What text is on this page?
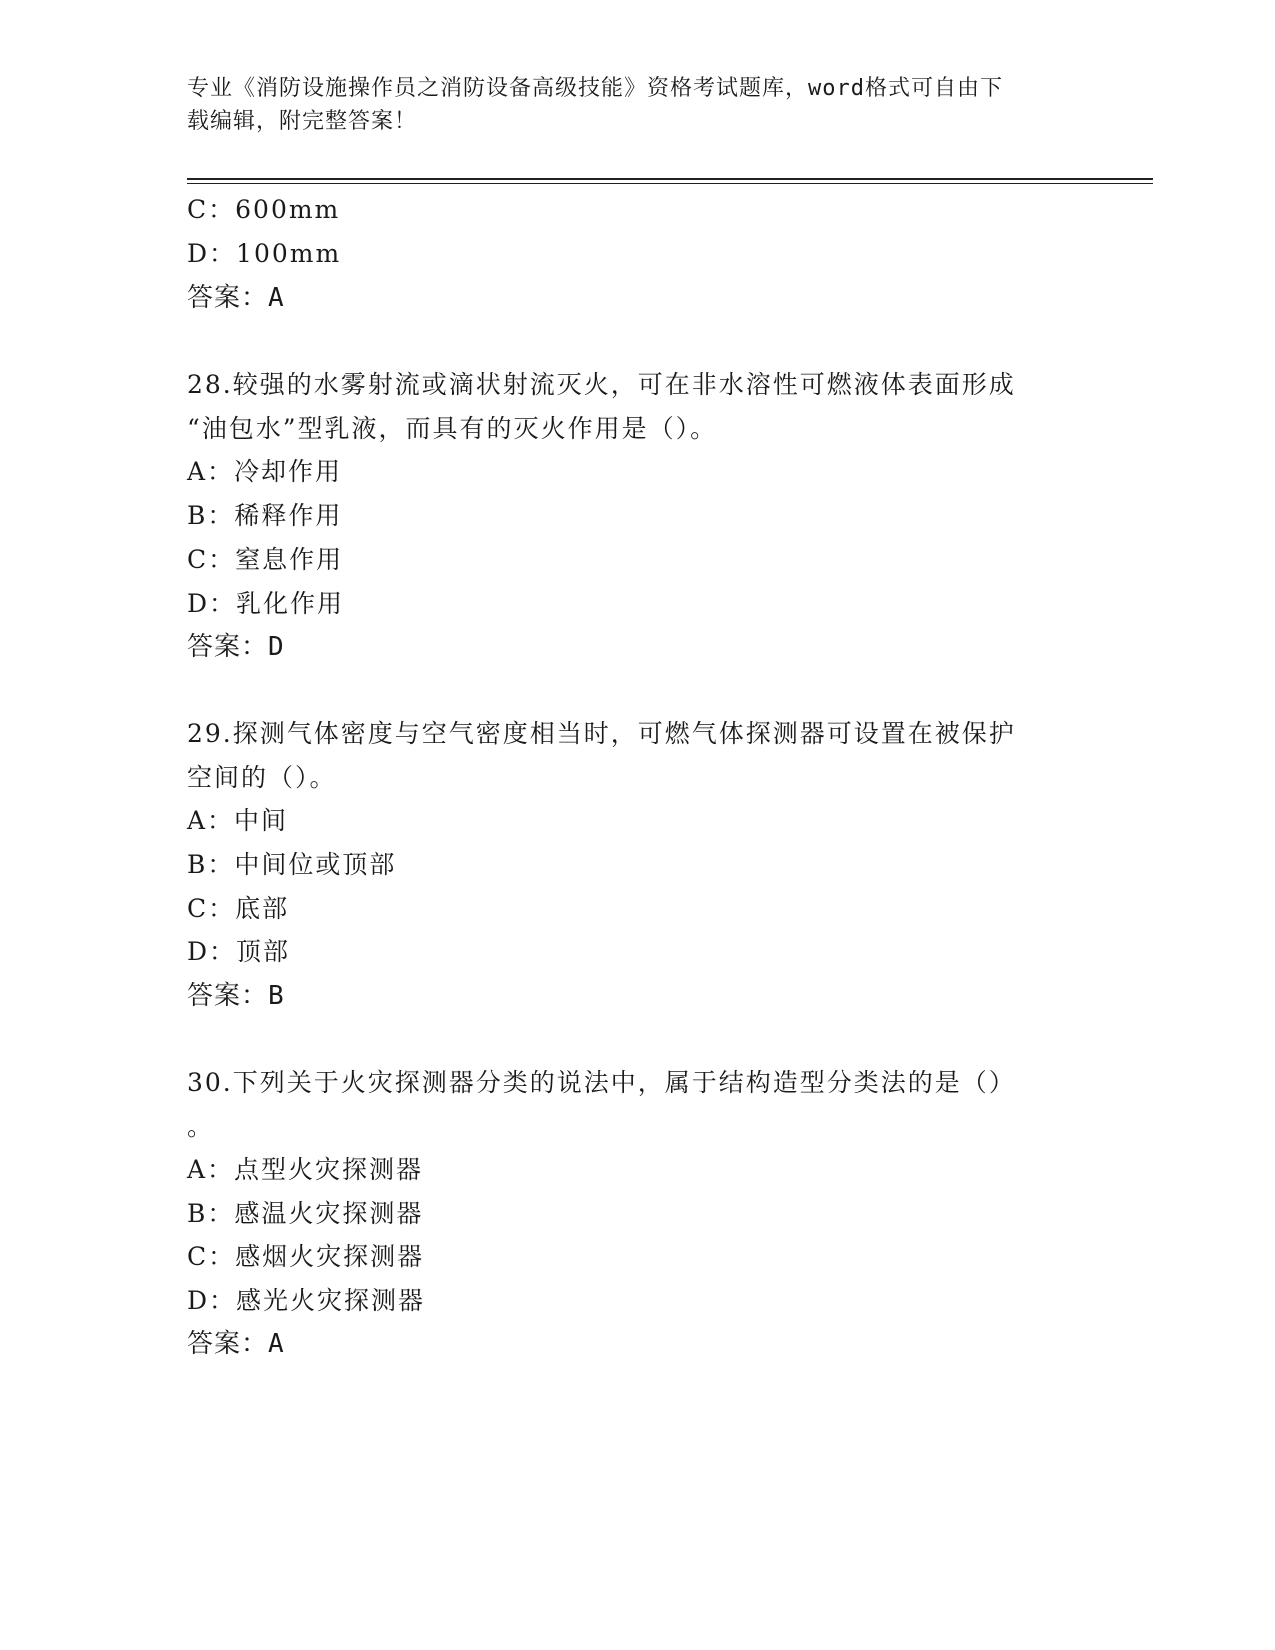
专业《消防设施操作员之消防设备高级技能》资格考试题库，word格式可自由下
载编辑，附完整答案！
C：600mm
D：100mm
答案：A
28.较强的水雾射流或滴状射流灭火，可在非水溶性可燃液体表面形成
“油包水”型乳液，而具有的灭火作用是（）。
A：冷却作用
B：稀释作用
C：窒息作用
D：乳化作用
答案：D
29.探测气体密度与空气密度相当时，可燃气体探测器可设置在被保护
空间的（）。
A：中间
B：中间位或顶部
C：底部
D：顶部
答案：B
30.下列关于火灾探测器分类的说法中，属于结构造型分类法的是（）
。
A：点型火灾探测器
B：感温火灾探测器
C：感烟火灾探测器
D：感光火灾探测器
答案：A
